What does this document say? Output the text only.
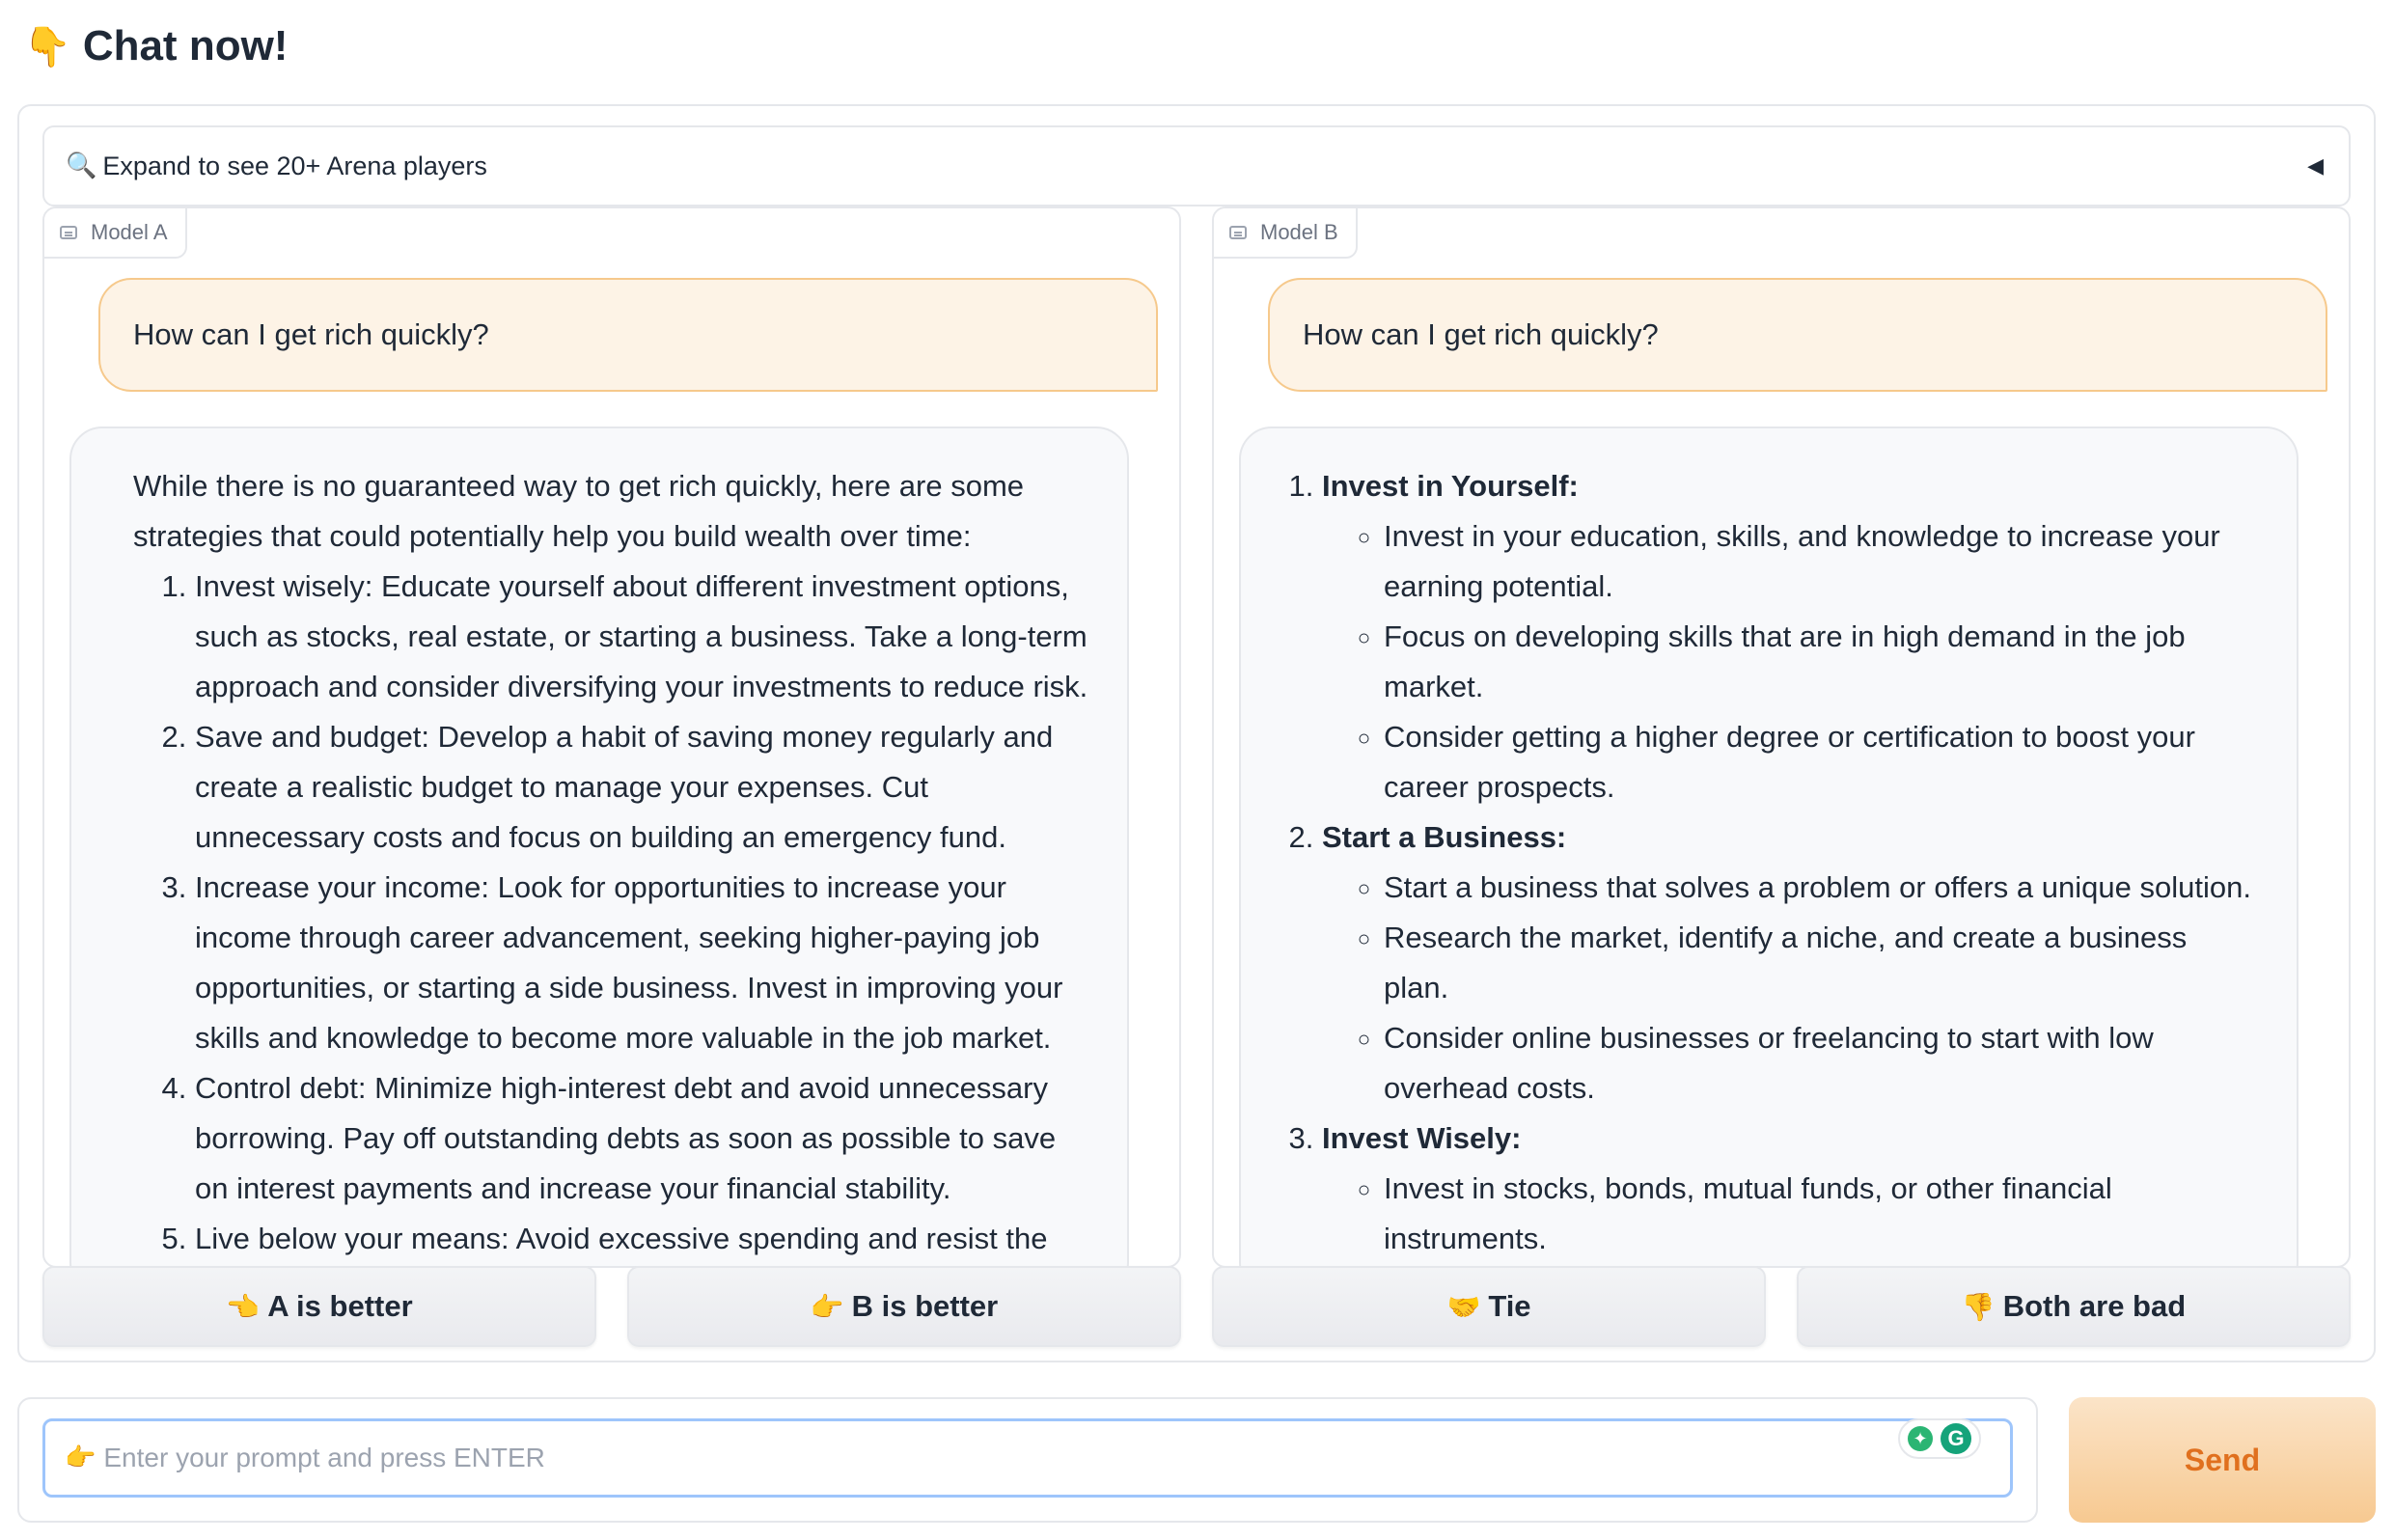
👇 Chat now!
🔍 Expand to see 20+ Arena players	◀
Model A
How can I get rich quickly?

While there is no guaranteed way to get rich quickly, here are some strategies that could potentially help you build wealth over time:

1. Invest wisely: Educate yourself about different investment options, such as stocks, real estate, or starting a business. Take a long-term approach and consider diversifying your investments to reduce risk.
2. Save and budget: Develop a habit of saving money regularly and create a realistic budget to manage your expenses. Cut unnecessary costs and focus on building an emergency fund.
3. Increase your income: Look for opportunities to increase your income through career advancement, seeking higher-paying job opportunities, or starting a side business. Invest in improving your skills and knowledge to become more valuable in the job market.
4. Control debt: Minimize high-interest debt and avoid unnecessary borrowing. Pay off outstanding debts as soon as possible to save on interest payments and increase your financial stability.
5. Live below your means: Avoid excessive spending and resist the
Model B
How can I get rich quickly?
1. Invest in Yourself:
◦ Invest in your education, skills, and knowledge to increase your earning potential.
◦ Focus on developing skills that are in high demand in the job market.
◦ Consider getting a higher degree or certification to boost your career prospects.
2. Start a Business:
◦ Start a business that solves a problem or offers a unique solution.
◦ Research the market, identify a niche, and create a business plan.
◦ Consider online businesses or freelancing to start with low overhead costs.
3. Invest Wisely:
◦ Invest in stocks, bonds, mutual funds, or other financial instruments.
◦
👈 A is better	👉 B is better	🤝 Tie	👎 Both are bad
👉
Enter your prompt and press ENTER
✦ G
Send
